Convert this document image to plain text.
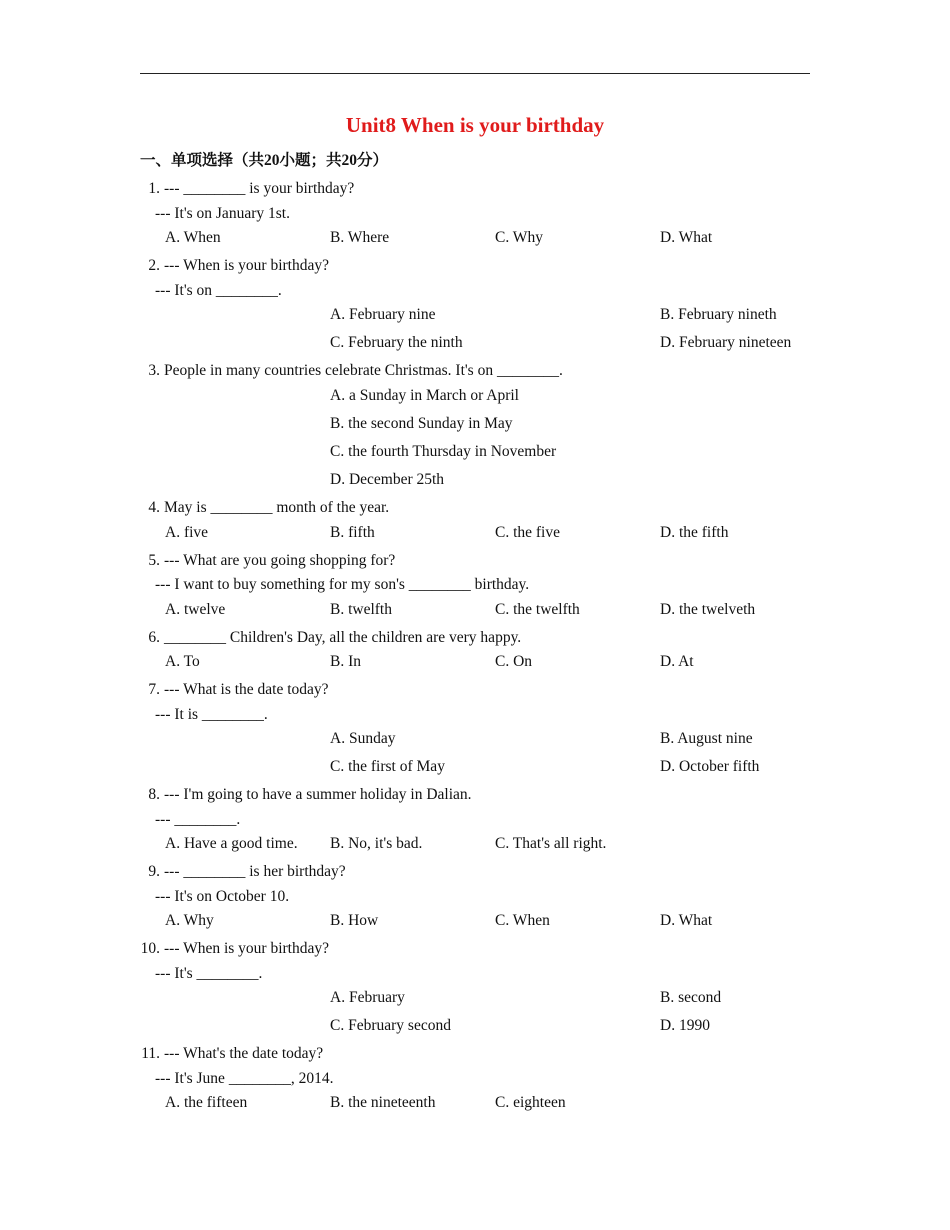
Unit8 When is your birthday
一、单项选择（共20小题；共20分）
1. --- ________ is your birthday?
--- It's on January 1st.
A. When	B. Where	C. Why	D. What
2. --- When is your birthday?
--- It's on ________.
A. February nine	B. February nineth
C. February the ninth	D. February nineteen
3. People in many countries celebrate Christmas. It's on ________.
A. a Sunday in March or April
B. the second Sunday in May
C. the fourth Thursday in November
D. December 25th
4. May is ________ month of the year.
A. five	B. fifth	C. the five	D. the fifth
5. --- What are you going shopping for?
--- I want to buy something for my son's ________ birthday.
A. twelve	B. twelfth	C. the twelfth	D. the twelveth
6. ________ Children's Day, all the children are very happy.
A. To	B. In	C. On	D. At
7. --- What is the date today?
--- It is ________.
A. Sunday	B. August nine
C. the first of May	D. October fifth
8. --- I'm going to have a summer holiday in Dalian.
--- ________.
A. Have a good time. B. No, it's bad.	C. That's all right.
9. --- ________ is her birthday?
--- It's on October 10.
A. Why	B. How	C. When	D. What
10. --- When is your birthday?
--- It's ________.
A. February	B. second
C. February second	D. 1990
11. --- What's the date today?
--- It's June ________, 2014.
A. the fifteen	B. the nineteenth	C. eighteen
